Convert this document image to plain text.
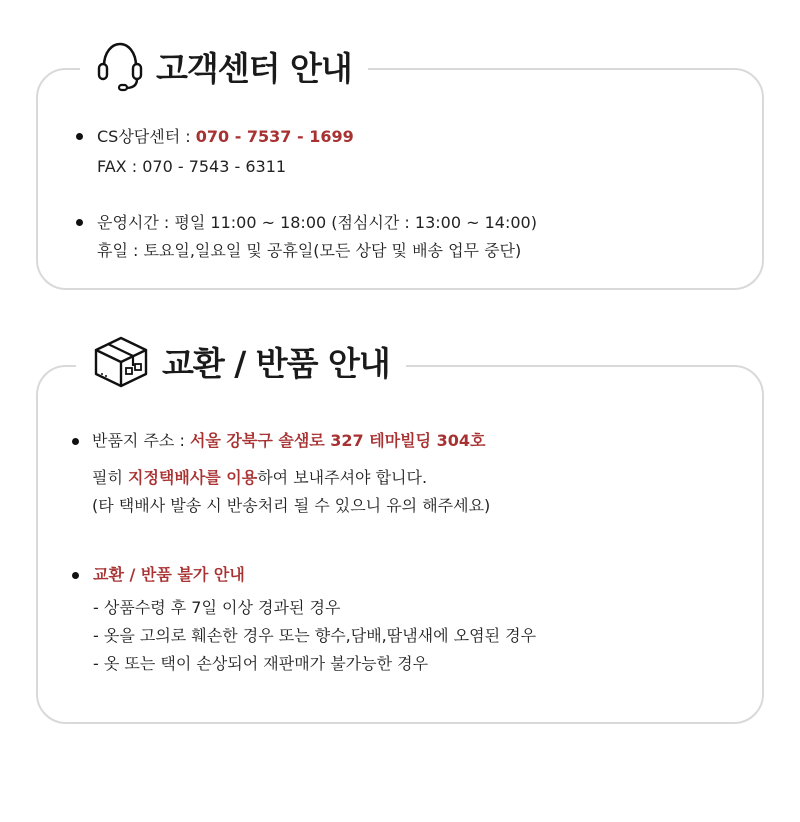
고객센터 안내
CS상담센터 : 070 - 7537 - 1699
FAX : 070 - 7543 - 6311
운영시간 : 평일 11:00 ~ 18:00 (점심시간 : 13:00 ~ 14:00)
휴일 : 토요일,일요일 및 공휴일(모든 상담 및 배송 업무 중단)
교환 / 반품 안내
반품지 주소 : 서울 강북구 솔샘로 327 테마빌딩 304호
필히 지정택배사를 이용하여 보내주셔야 합니다.
(타 택배사 발송 시 반송처리 될 수 있으니 유의 해주세요)
교환 / 반품 불가 안내
- 상품수령 후 7일 이상 경과된 경우
- 옷을 고의로 훼손한 경우 또는 향수,담배,땀냄새에 오염된 경우
- 옷 또는 택이 손상되어 재판매가 불가능한 경우
